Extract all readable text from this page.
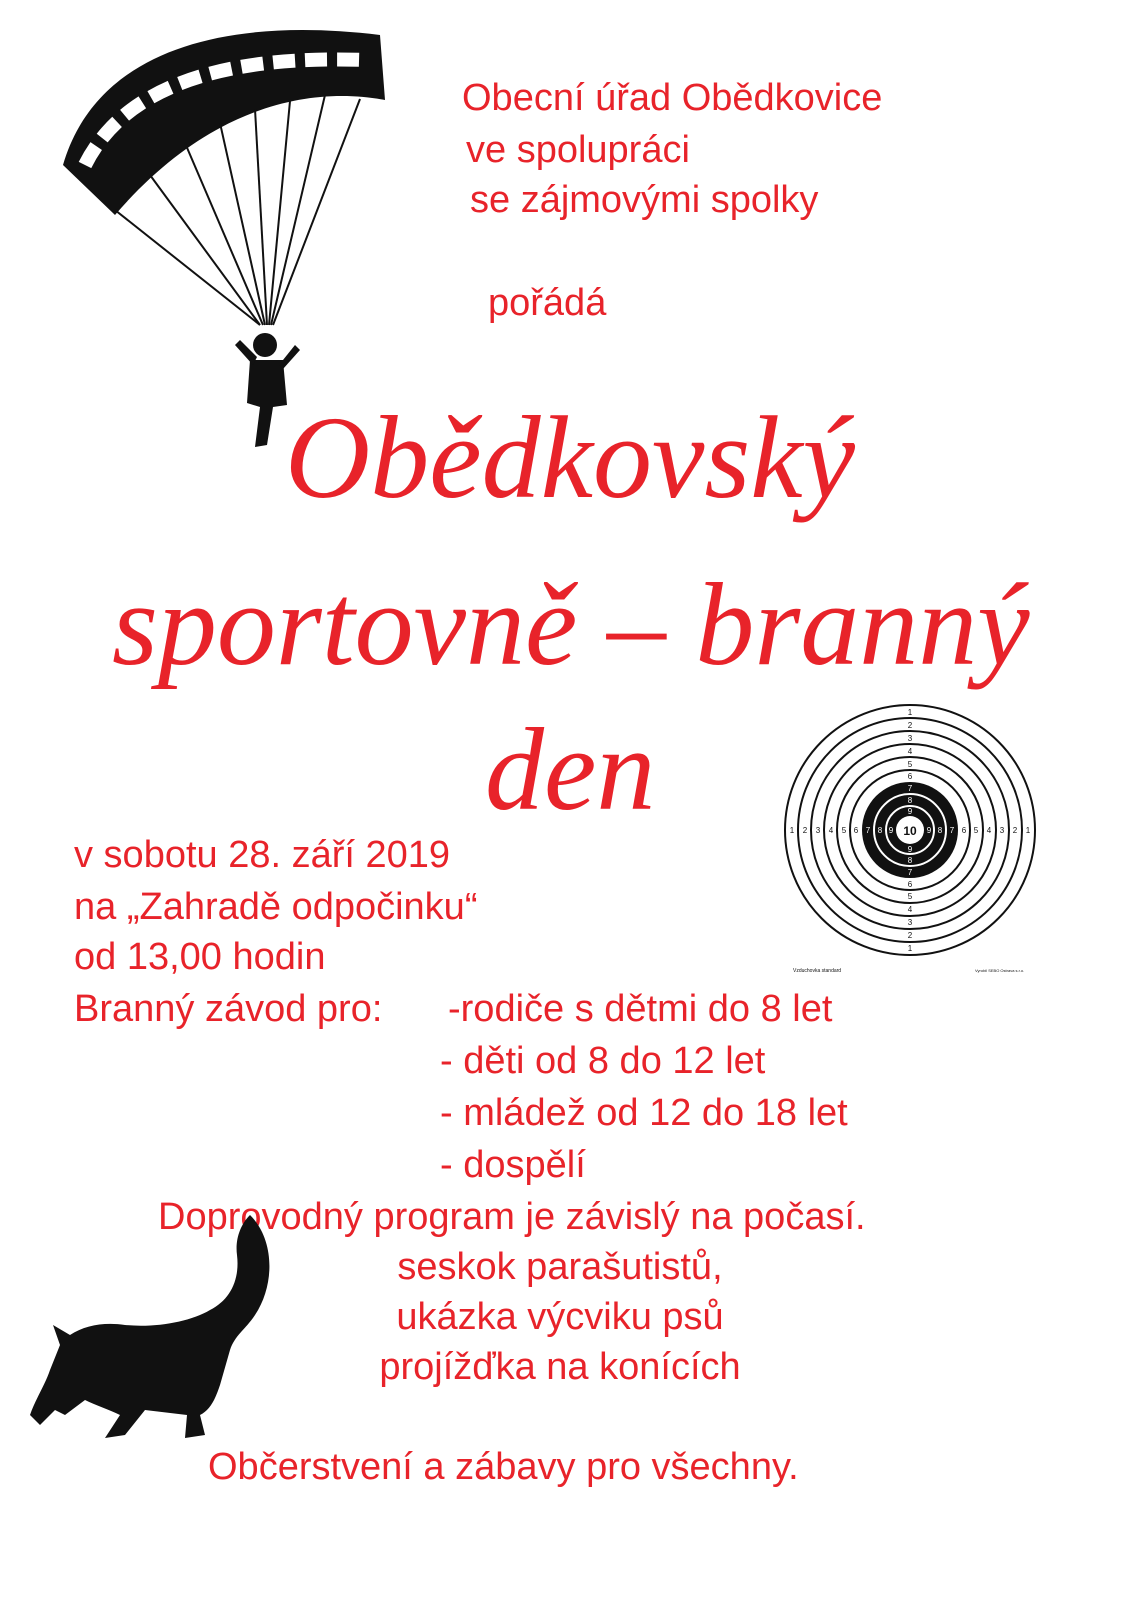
Obecní úřad Obědkovice
ve spolupráci
se zájmovými spolky
pořádá
Obědkovský
sportovně – branný
den	10
1	1
1
1
2	2
2
2
3	3
3
3
4	4
4
4
5	5
5
5
6	6
6
6
7	7
7
7
8	8
8
8
9	9
9
9
Vzduchovka standard	Vyrobil SEBO Ostrava s.r.o.
v sobotu 28. září 2019
na „Zahradě odpočinku“
od 13,00 hodin
Branný závod pro: -rodiče s dětmi do 8 let
- děti od 8 do 12 let
- mládež od 12 do 18 let
- dospělí
Doprovodný program je závislý na počasí.
seskok parašutistů,
ukázka výcviku psů
projížďka na konících
Občerstvení a zábavy pro všechny.
